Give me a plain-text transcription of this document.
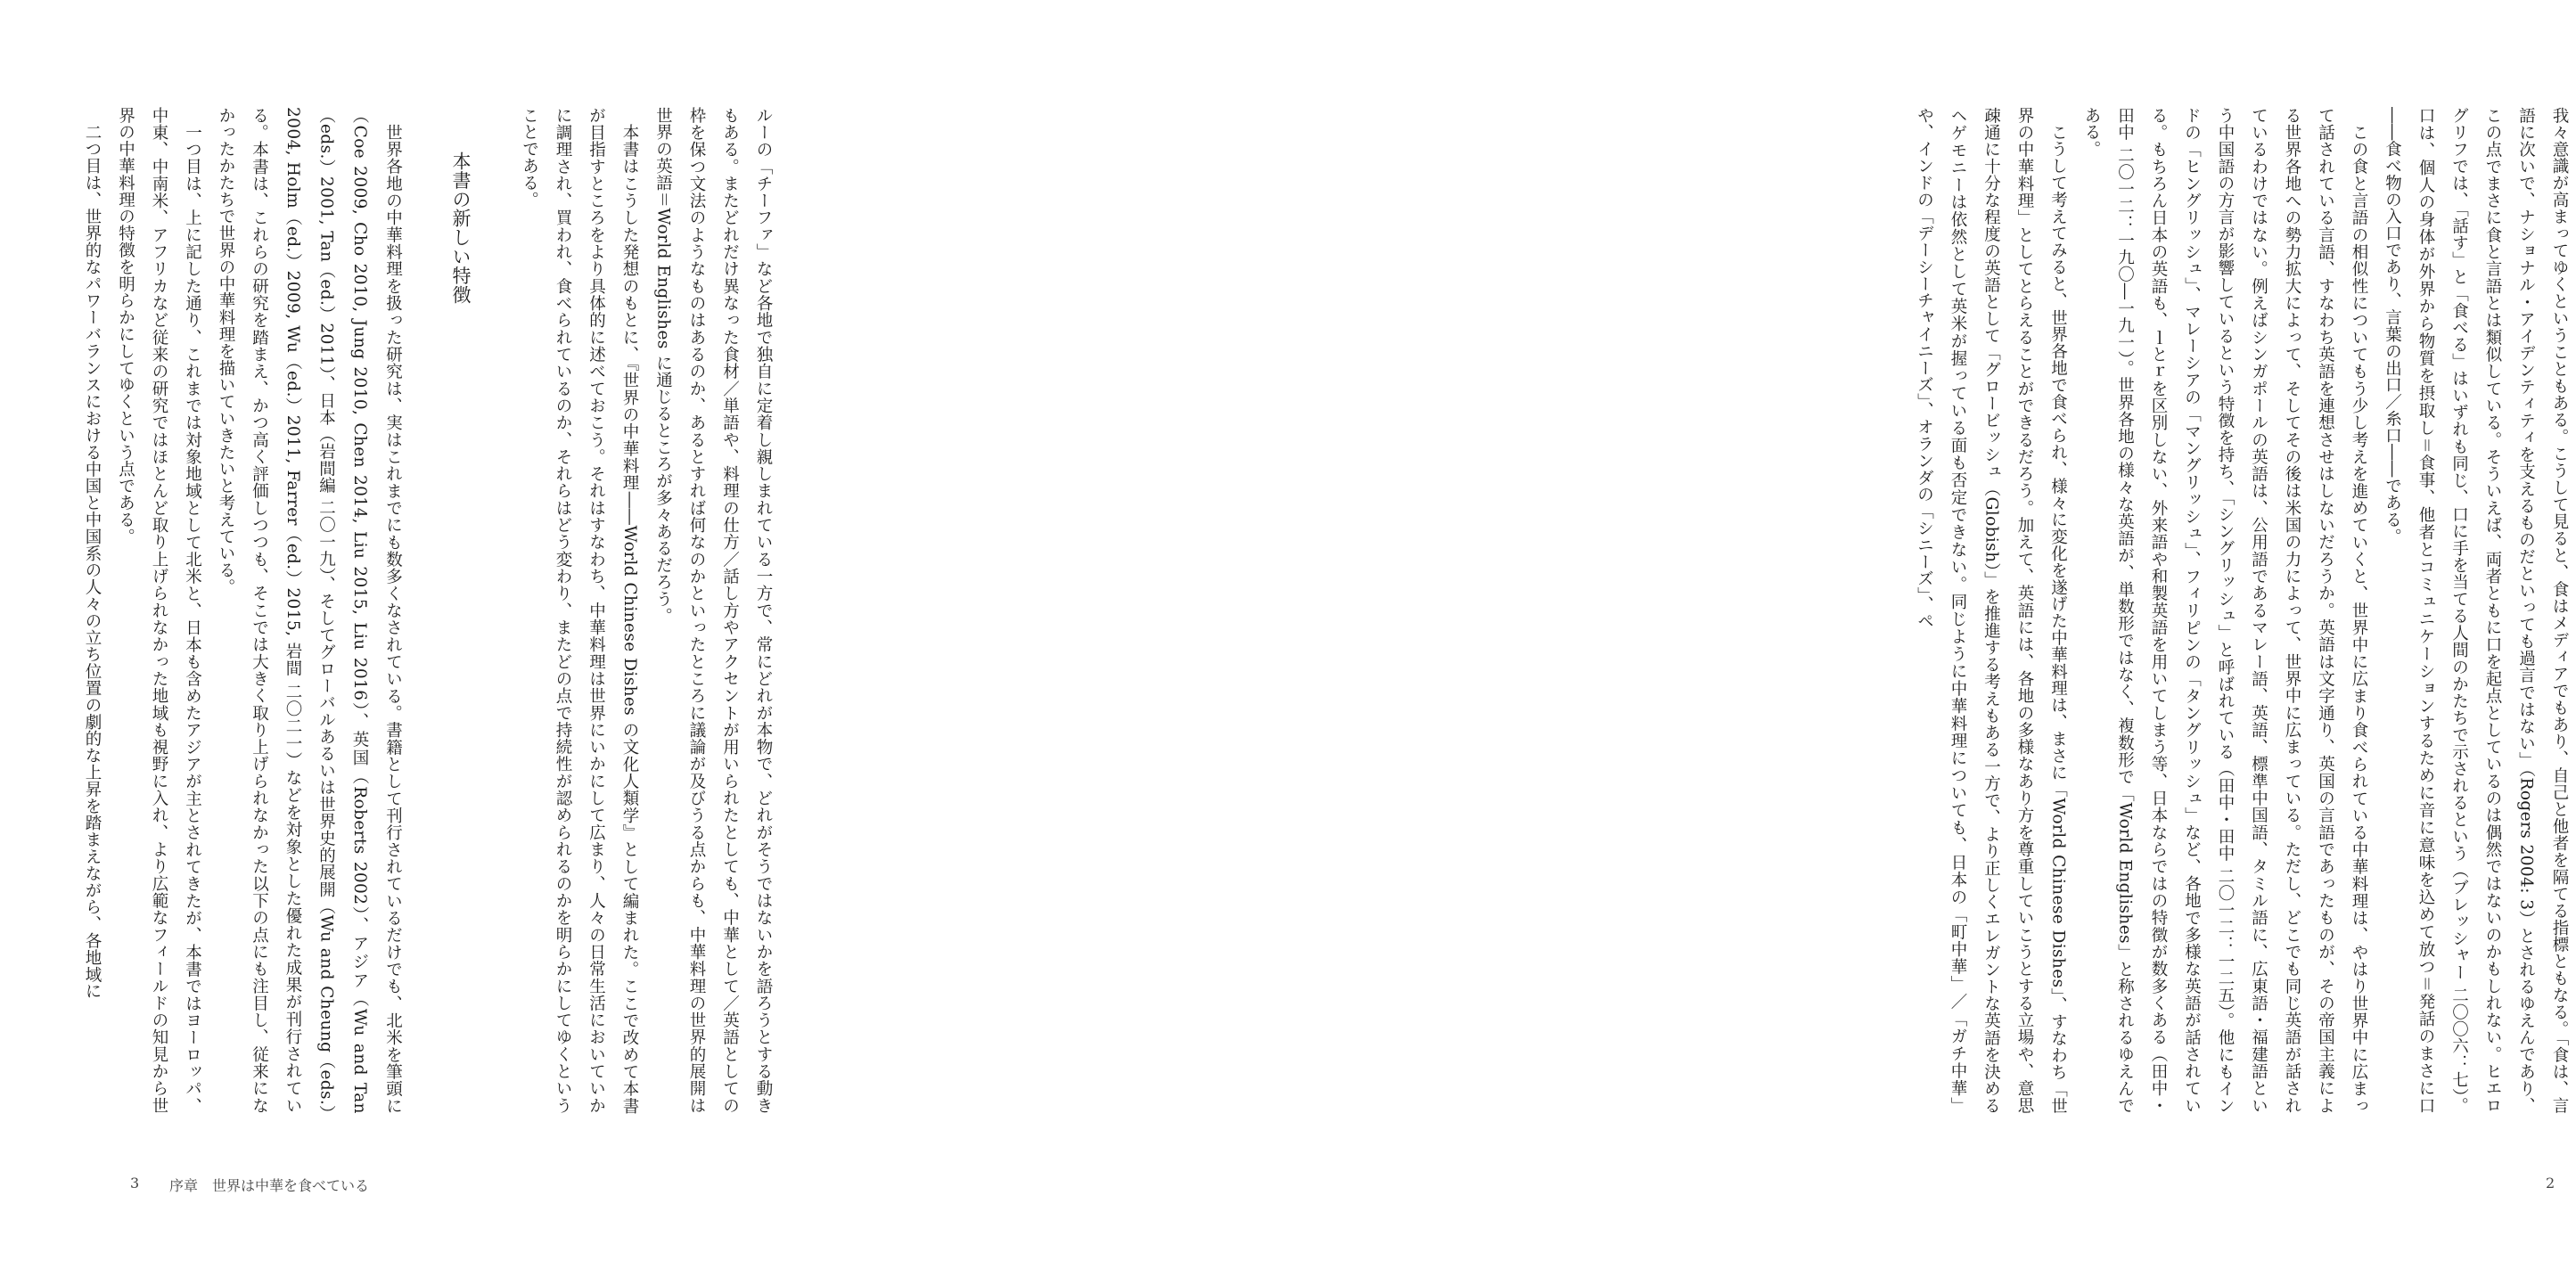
ルーの「チーファ」など各地で独自に定着し親しまれている一方で、常にどれが本物で、どれがそうではないかを語ろうとする動きもある。またどれだけ異なった食材／単語や、料理の仕方／話し方やアクセントが用いられたとしても、中華として／英語としての枠を保つ文法のようなものはあるのか、あるとすれば何なのかといったところに議論が及びうる点からも、中華料理の世界的展開は世界の英語＝World Englishes に通じるところが多々あるだろう。

本書はこうした発想のもとに、『世界の中華料理――World Chinese Dishes の文化人類学』として編まれた。ここで改めて本書が目指すところをより具体的に述べておこう。それはすなわち、中華料理は世界にいかにして広まり、人々の日常生活においていかに調理され、買われ、食べられているのか、それらはどう変わり、またどの点で持続性が認められるのかを明らかにしてゆくということである。

本書の新しい特徴

世界各地の中華料理を扱った研究は、実はこれまでにも数多くなされている。書籍として刊行されているだけでも、北米を筆頭に（Coe 2009, Cho 2010, Jung 2010, Chen 2014, Liu 2015, Liu 2016）、英国（Roberts 2002）、アジア（Wu and Tan（eds.）2001, Tan（ed.）2011）、日本（岩間編 二〇一九）、そしてグローバルあるいは世界史的展開（Wu and Cheung（eds.）2004, Holm（ed.）2009, Wu（ed.）2011, Farrer（ed.）2015, 岩間 二〇二一）などを対象とした優れた成果が刊行されている。本書は、これらの研究を踏まえ、かつ高く評価しつつも、そこでは大きく取り上げられなかった以下の点にも注目し、従来になかったかたちで世界の中華料理を描いていきたいと考えている。

一つ目は、上に記した通り、これまでは対象地域として北米と、日本も含めたアジアが主とされてきたが、本書ではヨーロッパ、中東、中南米、アフリカなど従来の研究ではほとんど取り上げられなかった地域も視野に入れ、より広範なフィールドの知見から世界の中華料理の特徴を明らかにしてゆくという点である。

二つ目は、世界的なパワーバランスにおける中国と中国系の人々の立ち位置の劇的な上昇を踏まえながら、各地域に

3 序章　世界は中華を食べている

我々意識が高まってゆくということもある。こうして見ると、食はメディアでもあり、自己と他者を隔てる指標ともなる。「食は、言語に次いで、ナショナル・アイデンティティを支えるものだといっても過言ではない」（Rogers 2004: 3）とされるゆえんであり、この点でまさに食と言語とは類似している。そういえば、両者ともに口を起点としているのは偶然ではないのかもしれない。ヒエログリフでは、「話す」と「食べる」はいずれも同じ、口に手を当てる人間のかたちで示されるという（ブレッシャー 二〇〇六：七）。口は、個人の身体が外界から物質を摂取し＝食事、他者とコミュニケーションするために音に意味を込めて放つ＝発話のまさに口――食べ物の入口であり、言葉の出口／糸口――である。

この食と言語の相似性についてもう少し考えを進めていくと、世界中に広まり食べられている中華料理は、やはり世界中に広まって話されている言語、すなわち英語を連想させはしないだろうか。英語は文字通り、英国の言語であったものが、その帝国主義による世界各地への勢力拡大によって、そしてその後は米国の力によって、世界中に広まっている。ただし、どこでも同じ英語が話されているわけではない。例えばシンガポールの英語は、公用語であるマレー語、英語、標準中国語、タミル語に、広東語・福建語という中国語の方言が影響しているという特徴を持ち、「シングリッシュ」と呼ばれている（田中・田中 二〇一二：一二五）。他にもインドの「ヒングリッシュ」、マレーシアの「マングリッシュ」、フィリピンの「タングリッシュ」など、各地で多様な英語が話されている。もちろん日本の英語も、ｌとｒを区別しない、外来語や和製英語を用いてしまう等、日本ならではの特徴が数多くある（田中・田中 二〇一二：一九〇―一九一）。世界各地の様々な英語が、単数形ではなく、複数形で「World Englishes」と称されるゆえんである。

こうして考えてみると、世界各地で食べられ、様々に変化を遂げた中華料理は、まさに「World Chinese Dishes」、すなわち「世界の中華料理」としてとらえることができるだろう。加えて、英語には、各地の多様なあり方を尊重していこうとする立場や、意思疎通に十分な程度の英語として「グロービッシュ（Globish）」を推進する考えもある一方で、より正しくエレガントな英語を決めるヘゲモニーは依然として英米が握っている面も否定できない。同じように中華料理についても、日本の「町中華」／「ガチ中華」や、インドの「デーシーチャイニーズ」、オランダの「シニーズ」、ペ

2
